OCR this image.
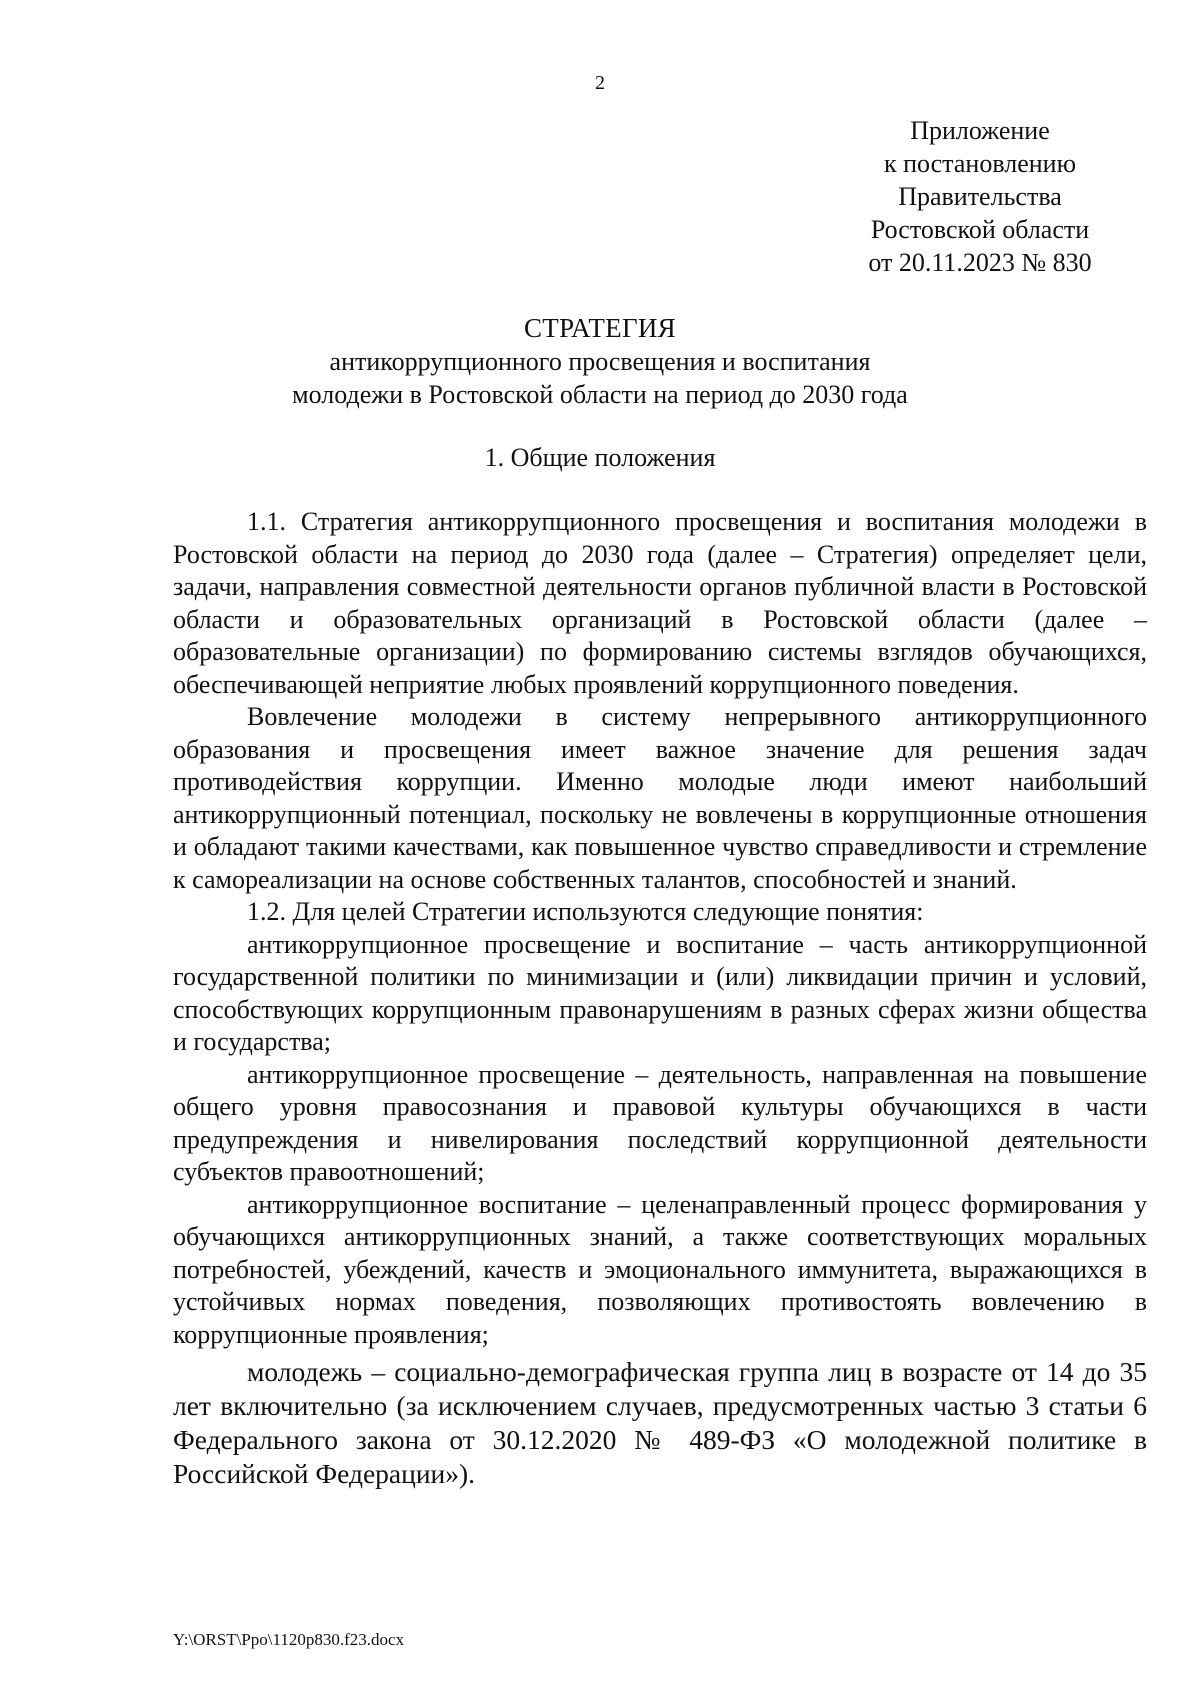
2
Приложение
к постановлению
Правительства
Ростовской области
от 20.11.2023 № 830
СТРАТЕГИЯ
антикоррупционного просвещения и воспитания
молодежи в Ростовской области на период до 2030 года
1. Общие положения

1.1. Стратегия антикоррупционного просвещения и воспитания молодежи в Ростовской области на период до 2030 года (далее – Стратегия) определяет цели, задачи, направления совместной деятельности органов публичной власти в Ростовской области и образовательных организаций в Ростовской области (далее – образовательные организации) по формированию системы взглядов обучающихся, обеспечивающей неприятие любых проявлений коррупционного поведения.

Вовлечение молодежи в систему непрерывного антикоррупционного образования и просвещения имеет важное значение для решения задач противодействия коррупции. Именно молодые люди имеют наибольший антикоррупционный потенциал, поскольку не вовлечены в коррупционные отношения и обладают такими качествами, как повышенное чувство справедливости и стремление к самореализации на основе собственных талантов, способностей и знаний.

1.2. Для целей Стратегии используются следующие понятия:

антикоррупционное просвещение и воспитание – часть антикоррупционной государственной политики по минимизации и (или) ликвидации причин и условий, способствующих коррупционным правонарушениям в разных сферах жизни общества и государства;

антикоррупционное просвещение – деятельность, направленная на повышение общего уровня правосознания и правовой культуры обучающихся в части предупреждения и нивелирования последствий коррупционной деятельности субъектов правоотношений;

антикоррупционное воспитание – целенаправленный процесс формирования у обучающихся антикоррупционных знаний, а также соответствующих моральных потребностей, убеждений, качеств и эмоционального иммунитета, выражающихся в устойчивых нормах поведения, позволяющих противостоять вовлечению в коррупционные проявления;

молодежь – социально-демографическая группа лиц в возрасте от 14 до 35 лет включительно (за исключением случаев, предусмотренных частью 3 статьи 6 Федерального закона от 30.12.2020 № 489-ФЗ «О молодежной политике в Российской Федерации»).

Y:\ORST\Ppo\1120p830.f23.docx
